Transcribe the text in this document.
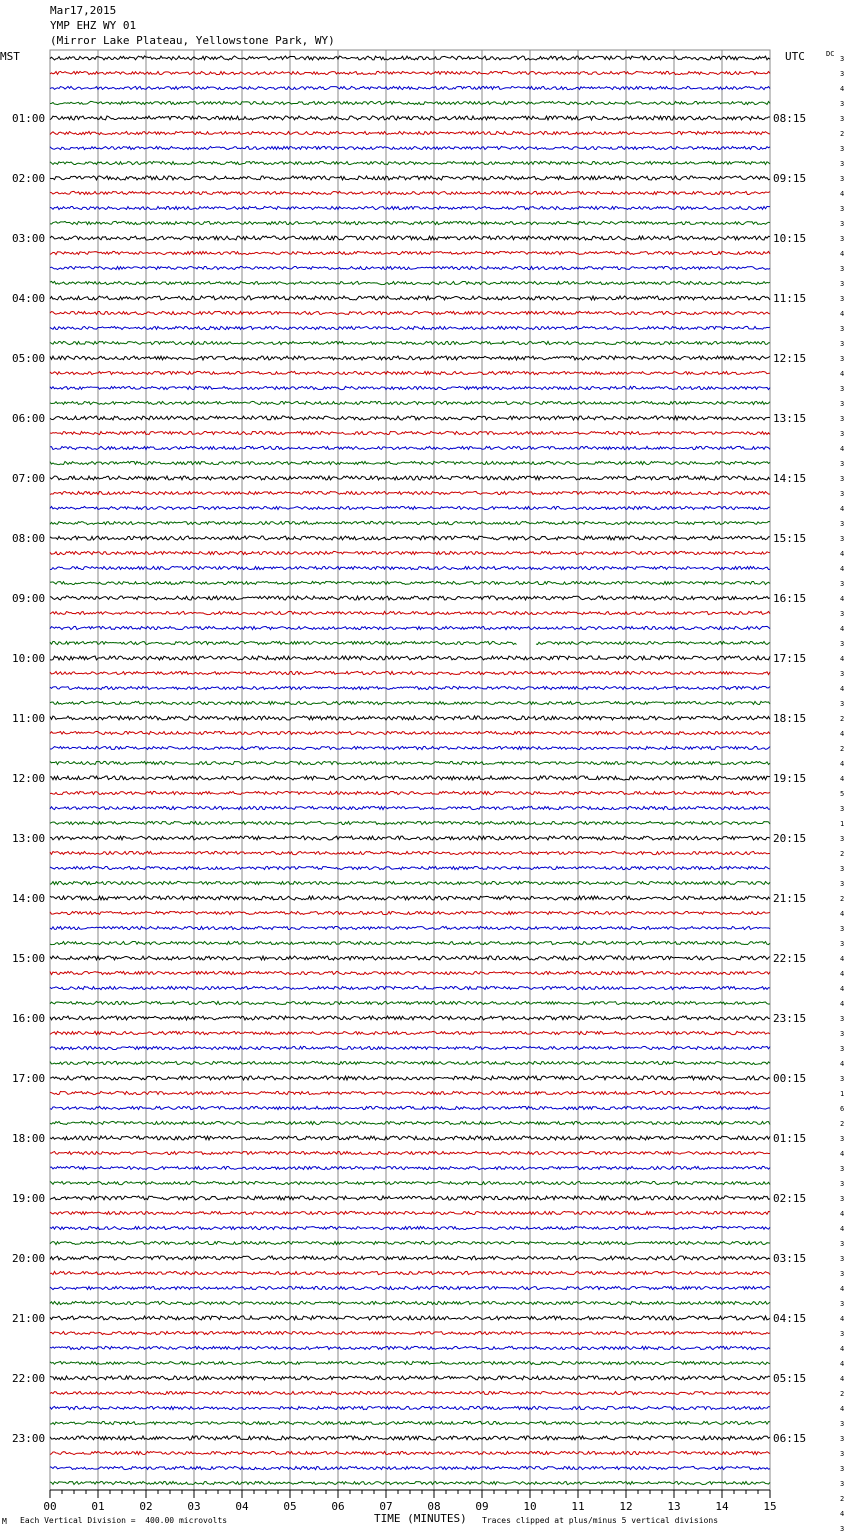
Mar17,2015
YMP EHZ WY 01
(Mirror Lake Plateau, Yellowstone Park, WY)
MST	UTC	DC
01:00
02:00
03:00
04:00
05:00
06:00
07:00
08:00
09:00
10:00
11:00
12:00
13:00
14:00
15:00
16:00
17:00
18:00
19:00
20:00
21:00
22:00
23:00
08:15
09:15
10:15
11:15
12:15
13:15
14:15
15:15
16:15
17:15
18:15
19:15
20:15
21:15
22:15
23:15
00:15
01:15
02:15
03:15
04:15
05:15
06:15
3
3
4
3
3
2
3
3
3
4
3
3
3
4
3
3
3
4
3
3
3
4
3
3
3
3
4
3
3
3
4
3
3
4
4
3
4
3
4
3
4
3
4
3
2
4
2
4
4
5
3
1
3
2
3
3
2
4
3
3
4
4
4
4
3
3
3
4
3
1
6
2
3
4
3
3
3
4
4
3
3
3
4
3
4
3
4
4
4
2
4
3
3
3
3
3
2
4
3
00	01	02	03	04	05	06	07	08	09	10	11	12	13	14	15
M Each Vertical Division =  400.00 microvolts	TIME (MINUTES) Traces clipped at plus/minus 5 vertical divisions
